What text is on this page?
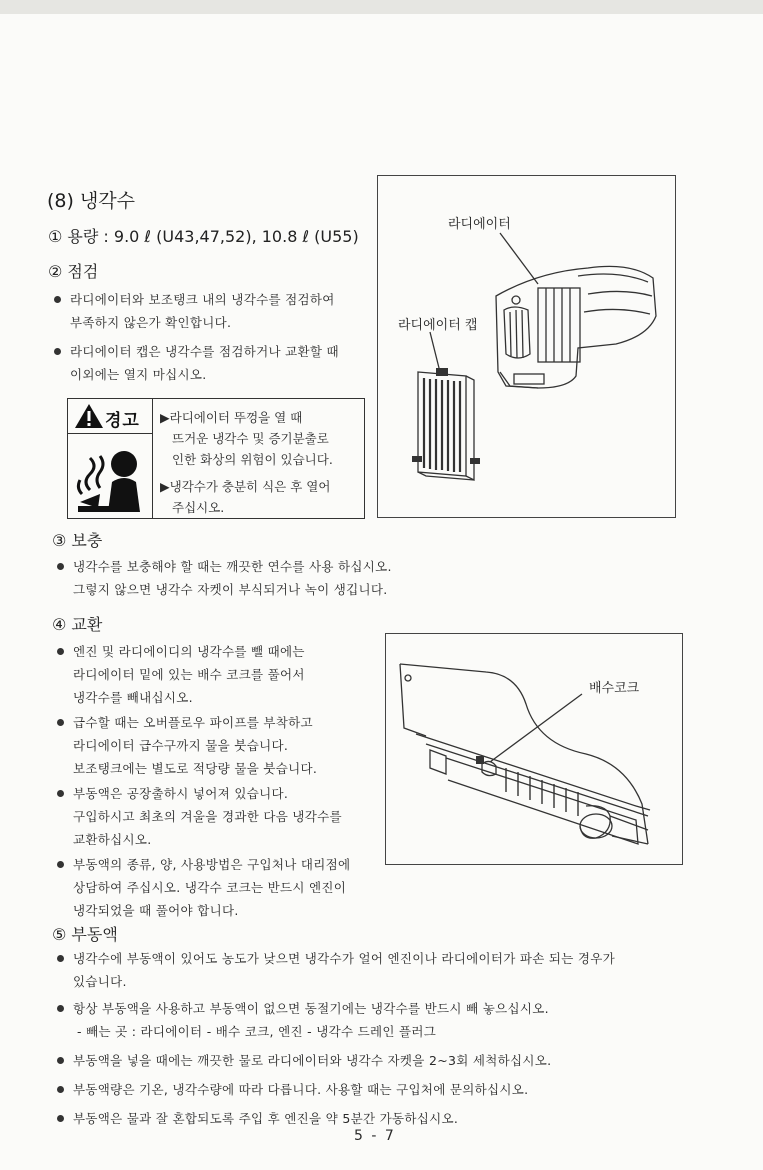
(8) 냉각수
① 용량 : 9.0 ℓ (U43,47,52), 10.8 ℓ (U55)
② 점검
라디에이터와 보조탱크 내의 냉각수를 점검하여
부족하지 않은가 확인합니다.
라디에이터 캡은 냉각수를 점검하거나 교환할 때
이외에는 열지 마십시오.
경고 ▶라디에이터 뚜껑을 열 때
뜨거운 냉각수 및 증기분출로
인한 화상의 위험이 있습니다.
▶냉각수가 충분히 식은 후 열어
주십시오.
라디에이터
라디에이터 캡
③ 보충
냉각수를 보충해야 할 때는 깨끗한 연수를 사용 하십시오.
그렇지 않으면 냉각수 자켓이 부식되거나 녹이 생깁니다.
④ 교환
엔진 및 라디에이디의 냉각수를 뺄 때에는
라디에이터 밑에 있는 배수 코크를 풀어서
냉각수를 빼내십시오.
급수할 때는 오버플로우 파이프를 부착하고
라디에이터 급수구까지 물을 붓습니다.
보조탱크에는 별도로 적당량 물을 붓습니다.
부동액은 공장출하시 넣어져 있습니다.
구입하시고 최초의 겨울을 경과한 다음 냉각수를
교환하십시오.
부동액의 종류, 양, 사용방법은 구입처나 대리점에
상담하여 주십시오. 냉각수 코크는 반드시 엔진이
냉각되었을 때 풀어야 합니다.
배수코크
⑤ 부동액
냉각수에 부동액이 있어도 농도가 낮으면 냉각수가 얼어 엔진이나 라디에이터가 파손 되는 경우가
있습니다.
항상 부동액을 사용하고 부동액이 없으면 동절기에는 냉각수를 반드시 빼 놓으십시오.
- 빼는 곳 : 라디에이터 - 배수 코크, 엔진 - 냉각수 드레인 플러그
부동액을 넣을 때에는 깨끗한 물로 라디에이터와 냉각수 자켓을 2~3회 세척하십시오.
부동액량은 기온, 냉각수량에 따라 다릅니다. 사용할 때는 구입처에 문의하십시오.
부동액은 물과 잘 혼합되도록 주입 후 엔진을 약 5분간 가동하십시오.
5 - 7
